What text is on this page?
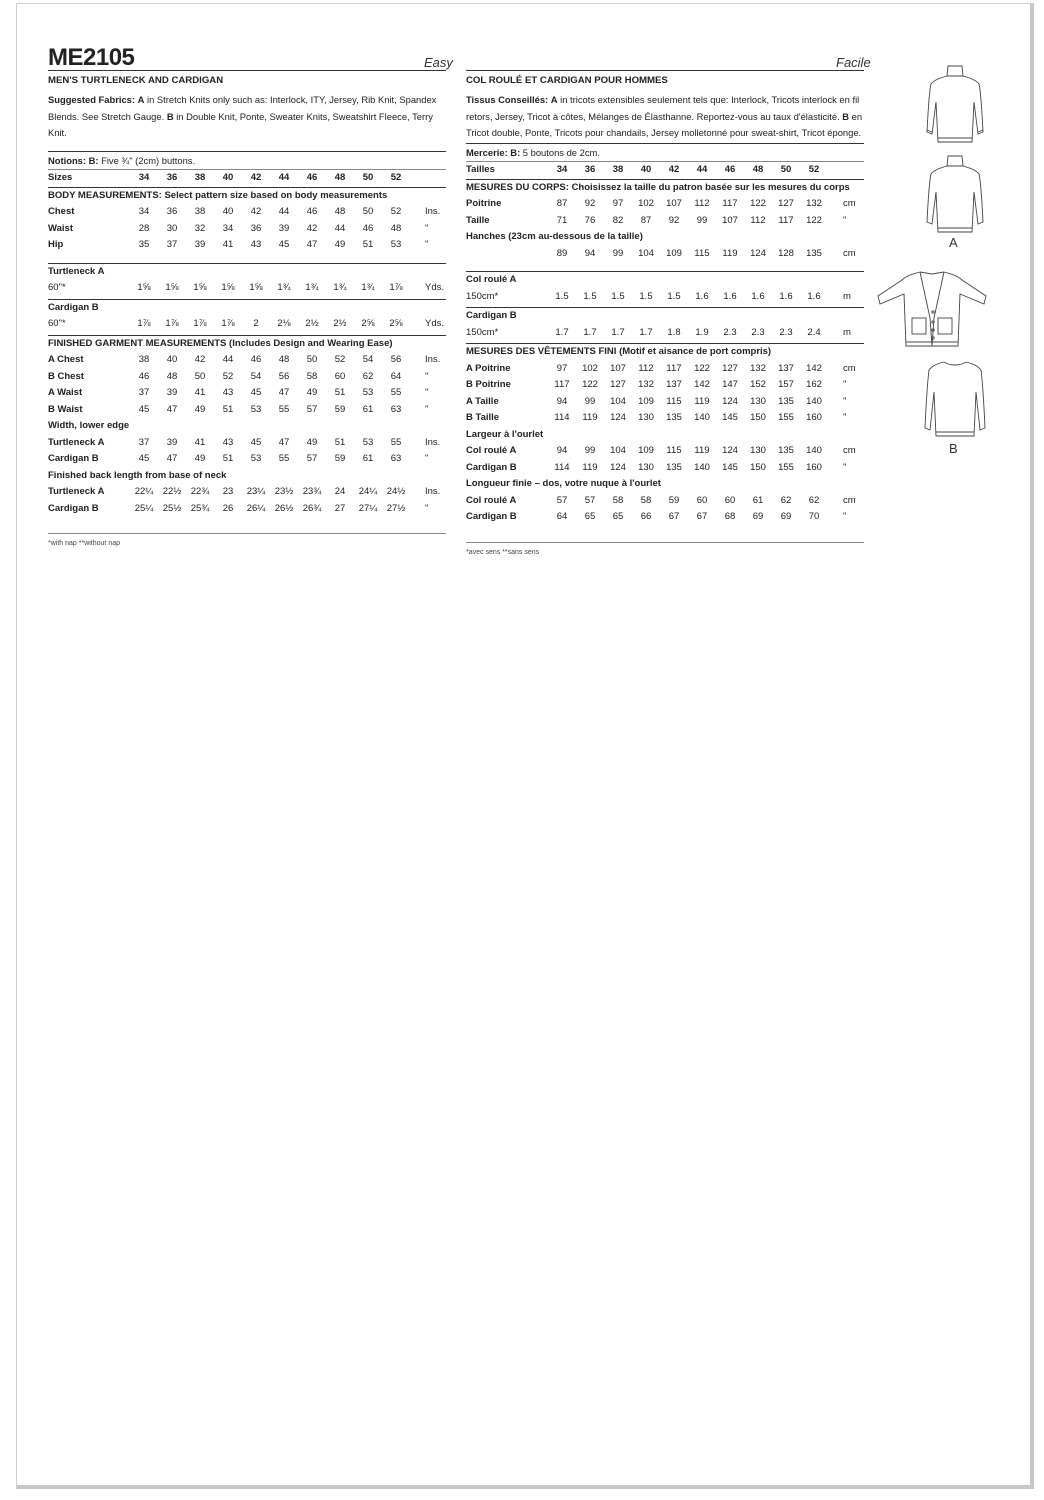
ME2105	Easy	Facile
MEN'S TURTLENECK AND CARDIGAN
Suggested Fabrics: A in Stretch Knits only such as: Interlock, ITY, Jersey, Rib Knit, Spandex Blends. See Stretch Gauge. B in Double Knit, Ponte, Sweater Knits, Sweatshirt Fleece, Terry Knit.
Notions: B: Five ¾" (2cm) buttons.
Sizes	34	36	38	40	42	44	46	48	50	52
BODY MEASUREMENTS: Select pattern size based on body measurements
Chest	34	36	38	40	42	44	46	48	50	52	Ins.
Waist	28	30	32	34	36	39	42	44	46	48	"
Hip	35	37	39	41	43	45	47	49	51	53	"
Turtleneck A
60"*	1⅝	1⅝	1⅝	1⅝	1⅝	1¾	1¾	1¾	1¾	1⅞	Yds.
Cardigan B
60"*	1⅞	1⅞	1⅞	1⅞	2	2⅛	2½	2½	2⅝	2⅝	Yds.
FINISHED GARMENT MEASUREMENTS (Includes Design and Wearing Ease)
A Chest	38	40	42	44	46	48	50	52	54	56	Ins.
B Chest	46	48	50	52	54	56	58	60	62	64	"
A Waist	37	39	41	43	45	47	49	51	53	55	"
B Waist	45	47	49	51	53	55	57	59	61	63	"
Width, lower edge
Turtleneck A	37	39	41	43	45	47	49	51	53	55	Ins.
Cardigan B	45	47	49	51	53	55	57	59	61	63	"
Finished back length from base of neck
Turtleneck A	22¼	22½	22¾	23	23¼	23½	23¾	24	24¼	24½	Ins.
Cardigan B	25¼	25½	25¾	26	26¼	26½	26¾	27	27¼	27½	"
*with nap **without nap
COL ROULÉ ET CARDIGAN POUR HOMMES
Tissus Conseillés: A in tricots extensibles seulement tels que: Interlock, Tricots interlock en fil retors, Jersey, Tricot à côtes, Mélanges de Élasthanne. Reportez-vous au taux d'élasticité. B en Tricot double, Ponte, Tricots pour chandails, Jersey molletonné pour sweat-shirt, Tricot éponge.
Mercerie: B: 5 boutons de 2cm.
Tailles	34	36	38	40	42	44	46	48	50	52
MESURES DU CORPS: Choisissez la taille du patron basée sur les mesures du corps
Poitrine	87	92	97	102	107	112	117	122	127	132	cm
Taille	71	76	82	87	92	99	107	112	117	122	"
Hanches (23cm au-dessous de la taille)
89	94	99	104	109	115	119	124	128	135	cm
Col roulé A
150cm*	1.5	1.5	1.5	1.5	1.5	1.6	1.6	1.6	1.6	1.6	m
Cardigan B
150cm*	1.7	1.7	1.7	1.7	1.8	1.9	2.3	2.3	2.3	2.4	m
MESURES DES VÊTEMENTS FINI (Motif et aisance de port compris)
A Poitrine	97	102	107	112	117	122	127	132	137	142	cm
B Poitrine	117	122	127	132	137	142	147	152	157	162	"
A Taille	94	99	104	109	115	119	124	130	135	140	"
B Taille	114	119	124	130	135	140	145	150	155	160	"
Largeur à l'ourlet
Col roulé A	94	99	104	109	115	119	124	130	135	140	cm
Cardigan B	114	119	124	130	135	140	145	150	155	160	"
Longueur finie – dos, votre nuque à l'ourlet
Col roulé A	57	57	58	58	59	60	60	61	62	62	cm
Cardigan B	64	65	65	66	67	67	68	69	69	70	"
*avec sens **sans sens
A
B
